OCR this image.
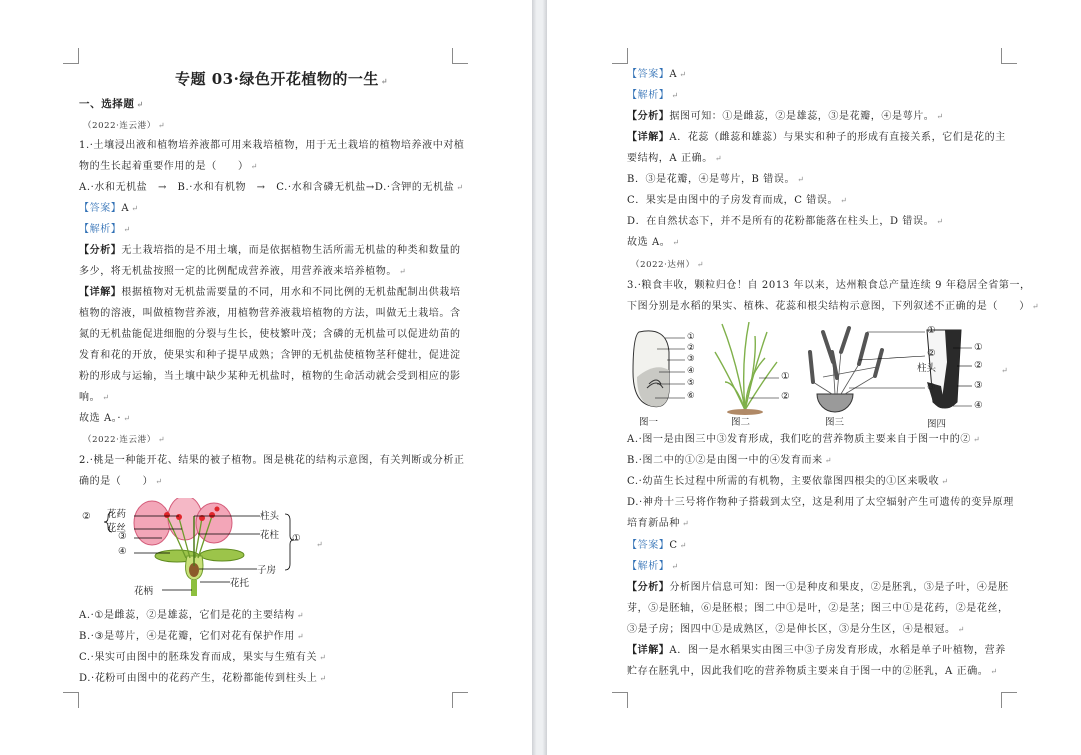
专题 03·绿色开花植物的一生 ↵
一、选择题 ↵
（2022·连云港） ↵
1.·土壤浸出液和植物培养液都可用来栽培植物，用于无土栽培的植物培养液中对植
物的生长起着重要作用的是（　　） ↵
A.·水和无机盐　→　B.·水和有机物　→　C.·水和含磷无机盐→D.·含钾的无机盐 ↵
【答案】A ↵
【解析】 ↵
【分析】无土栽培指的是不用土壤，而是依据植物生活所需无机盐的种类和数量的
多少，将无机盐按照一定的比例配成营养液，用营养液来培养植物。 ↵
【详解】根据植物对无机盐需要量的不同，用水和不同比例的无机盐配制出供栽培
植物的溶液，叫做植物营养液，用植物营养液栽培植物的方法，叫做无土栽培。含
氮的无机盐能促进细胞的分裂与生长，使枝繁叶茂；含磷的无机盐可以促进幼苗的
发育和花的开放，使果实和种子提早成熟；含钾的无机盐使植物茎秆健壮，促进淀
粉的形成与运输，当土壤中缺少某种无机盐时，植物的生命活动就会受到相应的影
响。 ↵
故选 A。· ↵
（2022·连云港） ↵
2.·桃是一种能开花、结果的被子植物。图是桃花的结构示意图，有关判断或分析正
确的是（　　） ↵
② 花药
花丝
③
④
柱头
花柱 ①
子房
花托
花柄
↵
A.·①是雌蕊，②是雄蕊，它们是花的主要结构 ↵
B.·③是萼片，④是花瓣，它们对花有保护作用 ↵
C.·果实可由图中的胚珠发育而成，果实与生殖有关 ↵
D.·花粉可由图中的花药产生，花粉都能传到柱头上 ↵
【答案】A ↵
【解析】 ↵
【分析】据图可知：①是雌蕊，②是雄蕊，③是花瓣，④是萼片。 ↵
【详解】A．花蕊（雌蕊和雄蕊）与果实和种子的形成有直接关系，它们是花的主
要结构，A 正确。 ↵
B．③是花瓣，④是萼片，B 错误。 ↵
C．果实是由图中的子房发育而成，C 错误。 ↵
D．在自然状态下，并不是所有的花粉都能落在柱头上，D 错误。 ↵
故选 A。 ↵
（2022·达州） ↵
3.·粮食丰收，颗粒归仓！自 2013 年以来，达州粮食总产量连续 9 年稳居全省第一，
下图分别是水稻的果实、植株、花蕊和根尖结构示意图，下列叙述不正确的是（　　） ↵
①
②
③
④
⑤
⑥
①
②
①
②
柱头
③
①
②
③
④
↵
图一	图二	图三	图四
A.·图一是由图三中③发育形成，我们吃的营养物质主要来自于图一中的② ↵
B.·图二中的①②是由图一中的④发育而来 ↵
C.·幼苗生长过程中所需的有机物，主要依靠图四根尖的①区来吸收 ↵
D.·神舟十三号将作物种子搭载到太空，这是利用了太空辐射产生可遗传的变异原理
培育新品种 ↵
【答案】C ↵
【解析】 ↵
【分析】分析图片信息可知：图一①是种皮和果皮，②是胚乳，③是子叶，④是胚
芽，⑤是胚轴，⑥是胚根；图二中①是叶，②是茎；图三中①是花药，②是花丝，
③是子房；图四中①是成熟区，②是伸长区，③是分生区，④是根冠。 ↵
【详解】A．图一是水稻果实由图三中③子房发育形成，水稻是单子叶植物，营养
贮存在胚乳中，因此我们吃的营养物质主要来自于图一中的②胚乳，A 正确。 ↵
